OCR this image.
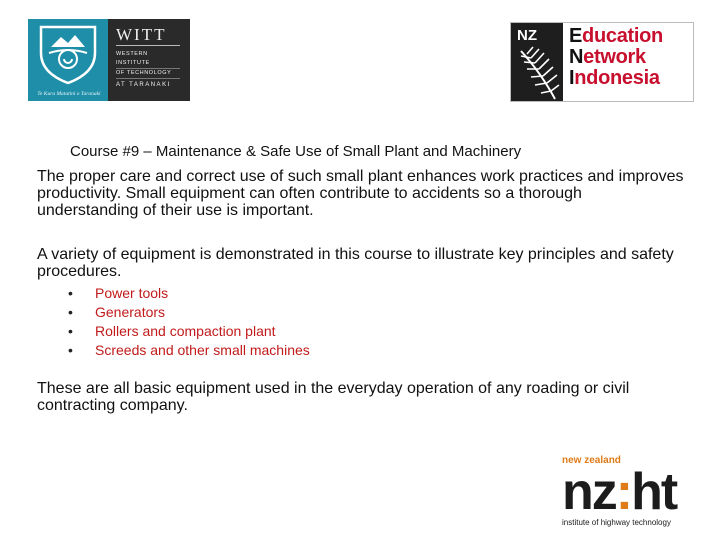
Te Kura Matatini o Taranaki
WITT
WESTERN INSTITUTE
OF TECHNOLOGY
AT TARANAKI
NZ Education
Network
Indonesia
Course #9 – Maintenance & Safe Use of Small Plant and Machinery
The proper care and correct use of such small plant enhances work practices and improves productivity. Small equipment can often contribute to accidents so a thorough understanding of their use is important.
A variety of equipment is demonstrated in this course to illustrate key principles and safety procedures.
• Power tools
• Generators
• Rollers and compaction plant
• Screeds and other small machines
These are all basic equipment used in the everyday operation of any roading or civil contracting company.
new zealand
nz:ht
institute of highway technology
